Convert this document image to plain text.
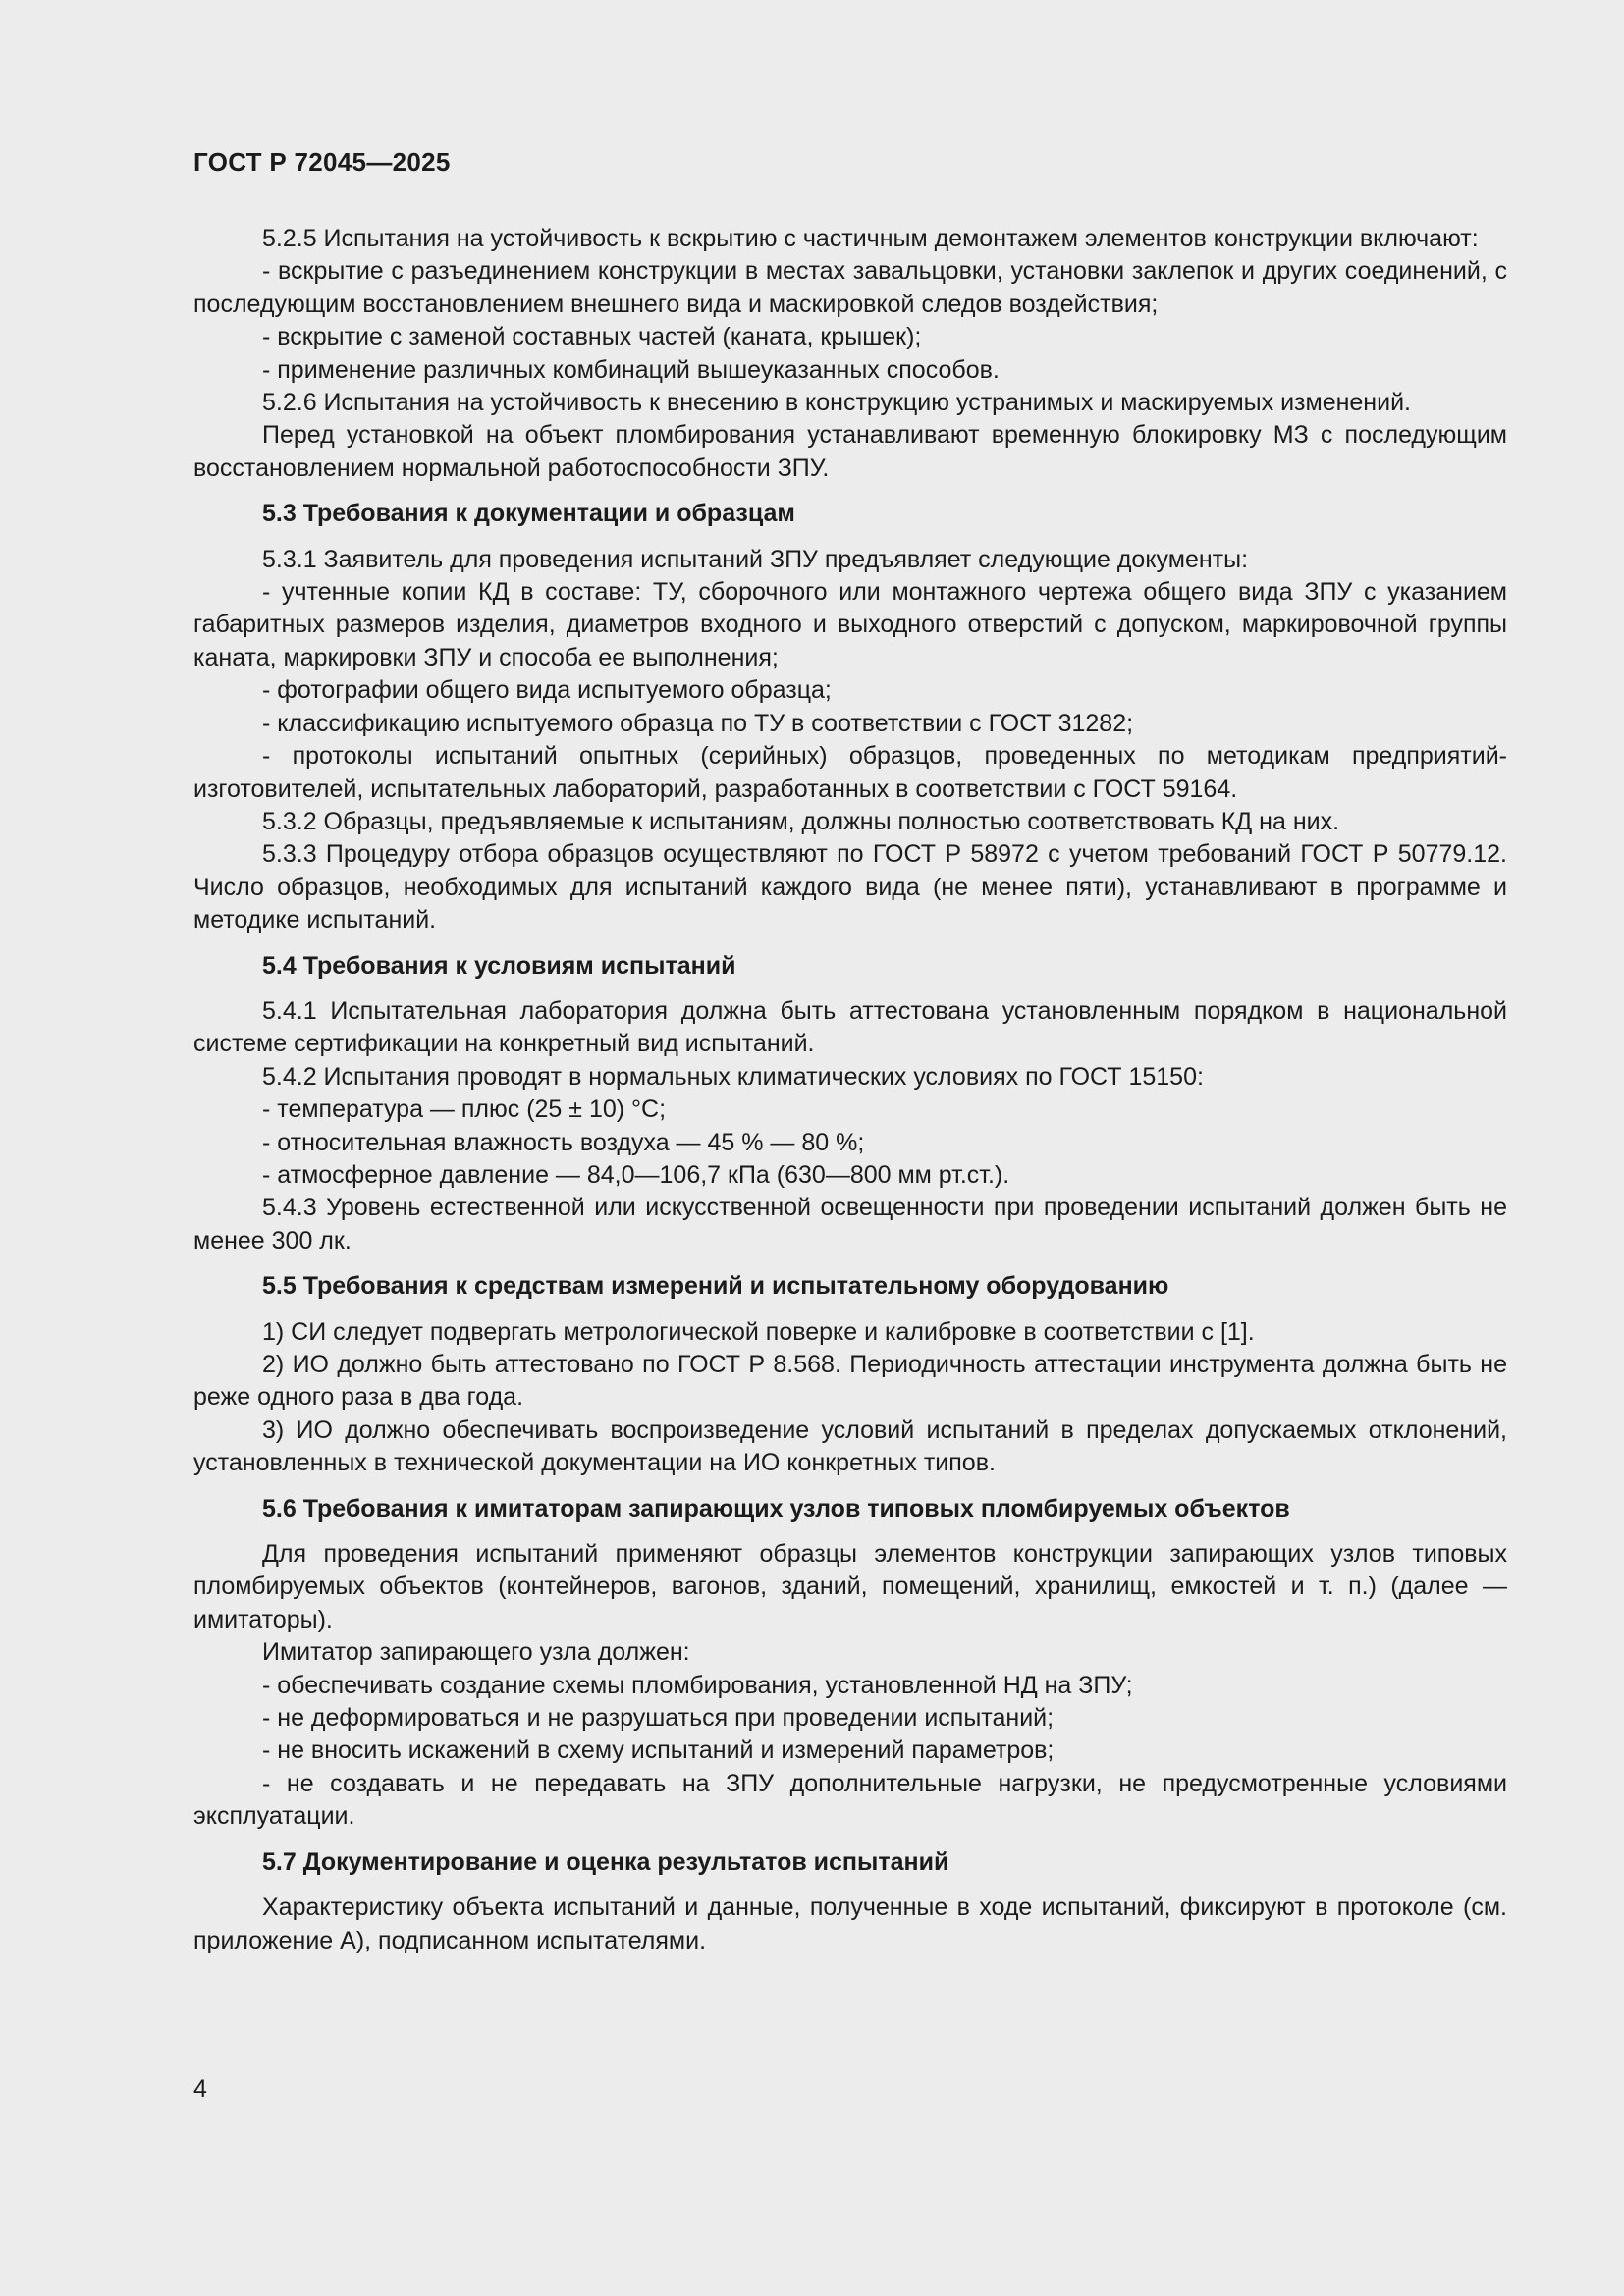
ГОСТ Р 72045—2025

5.2.5 Испытания на устойчивость к вскрытию с частичным демонтажем элементов конструкции включают:

- вскрытие с разъединением конструкции в местах завальцовки, установки заклепок и других соединений, с последующим восстановлением внешнего вида и маскировкой следов воздействия;

- вскрытие с заменой составных частей (каната, крышек);

- применение различных комбинаций вышеуказанных способов.

5.2.6 Испытания на устойчивость к внесению в конструкцию устранимых и маскируемых изменений.

Перед установкой на объект пломбирования устанавливают временную блокировку МЗ с последующим восстановлением нормальной работоспособности ЗПУ.

5.3 Требования к документации и образцам

5.3.1 Заявитель для проведения испытаний ЗПУ предъявляет следующие документы:

- учтенные копии КД в составе: ТУ, сборочного или монтажного чертежа общего вида ЗПУ с указанием габаритных размеров изделия, диаметров входного и выходного отверстий с допуском, маркировочной группы каната, маркировки ЗПУ и способа ее выполнения;

- фотографии общего вида испытуемого образца;

- классификацию испытуемого образца по ТУ в соответствии с ГОСТ 31282;

- протоколы испытаний опытных (серийных) образцов, проведенных по методикам предприятий-изготовителей, испытательных лабораторий, разработанных в соответствии с ГОСТ 59164.

5.3.2 Образцы, предъявляемые к испытаниям, должны полностью соответствовать КД на них.

5.3.3 Процедуру отбора образцов осуществляют по ГОСТ Р 58972 с учетом требований ГОСТ Р 50779.12. Число образцов, необходимых для испытаний каждого вида (не менее пяти), устанавливают в программе и методике испытаний.

5.4 Требования к условиям испытаний

5.4.1 Испытательная лаборатория должна быть аттестована установленным порядком в национальной системе сертификации на конкретный вид испытаний.

5.4.2 Испытания проводят в нормальных климатических условиях по ГОСТ 15150:

- температура — плюс (25 ± 10) °С;

- относительная влажность воздуха — 45 % — 80 %;

- атмосферное давление — 84,0—106,7 кПа (630—800 мм рт.ст.).

5.4.3 Уровень естественной или искусственной освещенности при проведении испытаний должен быть не менее 300 лк.

5.5 Требования к средствам измерений и испытательному оборудованию

1) СИ следует подвергать метрологической поверке и калибровке в соответствии с [1].

2) ИО должно быть аттестовано по ГОСТ Р 8.568. Периодичность аттестации инструмента должна быть не реже одного раза в два года.

3) ИО должно обеспечивать воспроизведение условий испытаний в пределах допускаемых отклонений, установленных в технической документации на ИО конкретных типов.

5.6 Требования к имитаторам запирающих узлов типовых пломбируемых объектов

Для проведения испытаний применяют образцы элементов конструкции запирающих узлов типовых пломбируемых объектов (контейнеров, вагонов, зданий, помещений, хранилищ, емкостей и т. п.) (далее — имитаторы).

Имитатор запирающего узла должен:

- обеспечивать создание схемы пломбирования, установленной НД на ЗПУ;

- не деформироваться и не разрушаться при проведении испытаний;

- не вносить искажений в схему испытаний и измерений параметров;

- не создавать и не передавать на ЗПУ дополнительные нагрузки, не предусмотренные условиями эксплуатации.

5.7 Документирование и оценка результатов испытаний

Характеристику объекта испытаний и данные, полученные в ходе испытаний, фиксируют в протоколе (см. приложение А), подписанном испытателями.

4
